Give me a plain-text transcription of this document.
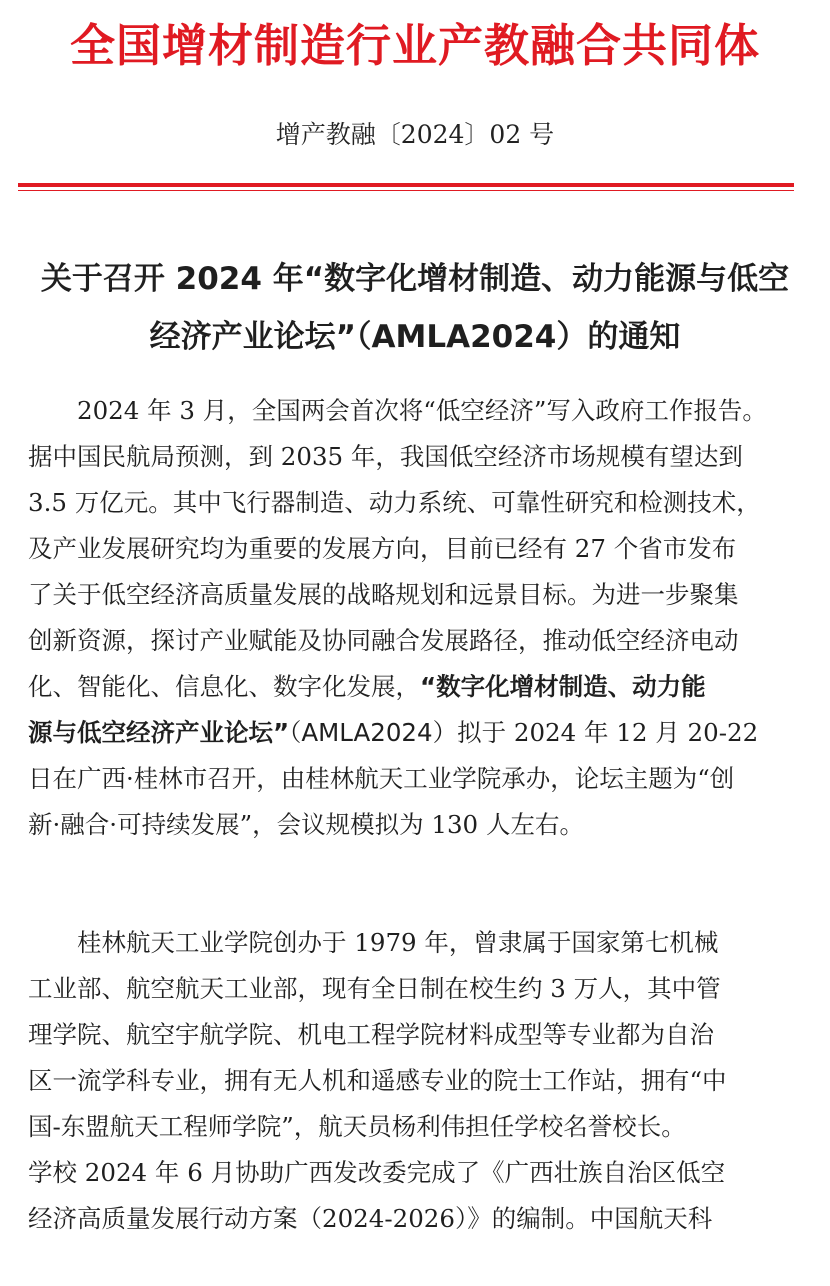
全国增材制造行业产教融合共同体
增产教融〔2024〕02 号
关于召开 2024 年“数字化增材制造、动力能源与低空
经济产业论坛”（AMLA2024）的通知
2024 年 3 月，全国两会首次将“低空经济”写入政府工作报告。
据中国民航局预测，到 2035 年，我国低空经济市场规模有望达到
3.5 万亿元。其中飞行器制造、动力系统、可靠性研究和检测技术，
及产业发展研究均为重要的发展方向，目前已经有 27 个省市发布
了关于低空经济高质量发展的战略规划和远景目标。为进一步聚集
创新资源，探讨产业赋能及协同融合发展路径，推动低空经济电动
化、智能化、信息化、数字化发展，“数字化增材制造、动力能
源与低空经济产业论坛”（AMLA2024）拟于 2024 年 12 月 20-22
日在广西·桂林市召开，由桂林航天工业学院承办，论坛主题为“创
新·融合·可持续发展”，会议规模拟为 130 人左右。
桂林航天工业学院创办于 1979 年，曾隶属于国家第七机械
工业部、航空航天工业部，现有全日制在校生约 3 万人，其中管
理学院、航空宇航学院、机电工程学院材料成型等专业都为自治
区一流学科专业，拥有无人机和遥感专业的院士工作站，拥有“中
国-东盟航天工程师学院”，航天员杨利伟担任学校名誉校长。
学校 2024 年 6 月协助广西发改委完成了《广西壮族自治区低空
经济高质量发展行动方案（2024-2026）》的编制。中国航天科
